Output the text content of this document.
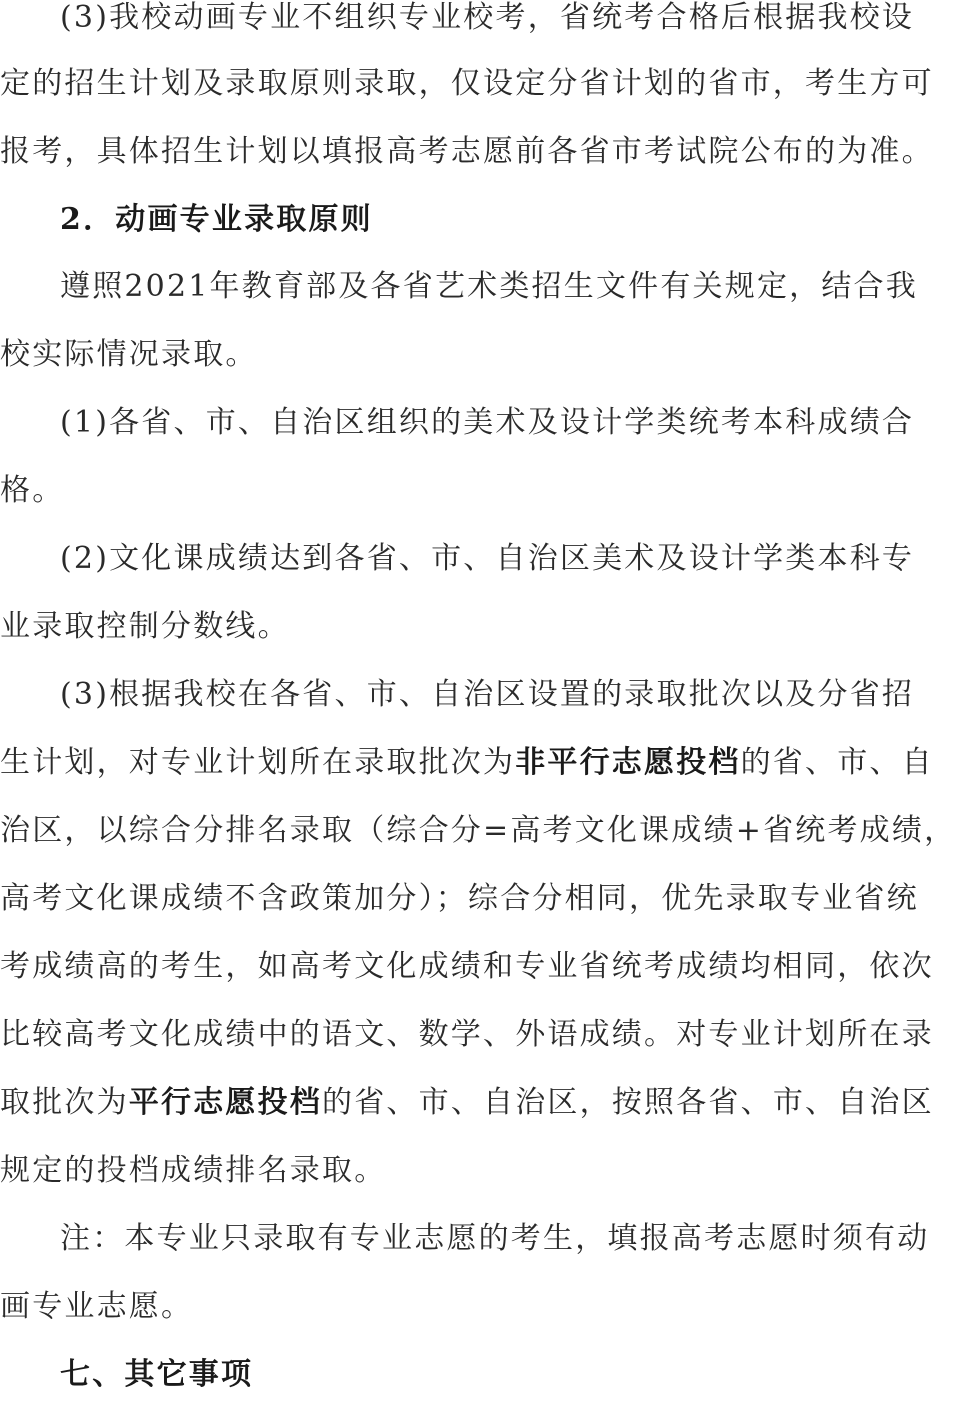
(3)我校动画专业不组织专业校考，省统考合格后根据我校设
定的招生计划及录取原则录取，仅设定分省计划的省市，考生方可
报考，具体招生计划以填报高考志愿前各省市考试院公布的为准。
2．动画专业录取原则
遵照2021年教育部及各省艺术类招生文件有关规定，结合我
校实际情况录取。
(1)各省、市、自治区组织的美术及设计学类统考本科成绩合
格。
(2)文化课成绩达到各省、市、自治区美术及设计学类本科专
业录取控制分数线。
(3)根据我校在各省、市、自治区设置的录取批次以及分省招
生计划，对专业计划所在录取批次为非平行志愿投档的省、市、自
治区，以综合分排名录取（综合分=高考文化课成绩+省统考成绩，
高考文化课成绩不含政策加分）；综合分相同，优先录取专业省统
考成绩高的考生，如高考文化成绩和专业省统考成绩均相同，依次
比较高考文化成绩中的语文、数学、外语成绩。对专业计划所在录
取批次为平行志愿投档的省、市、自治区，按照各省、市、自治区
规定的投档成绩排名录取。
注：本专业只录取有专业志愿的考生，填报高考志愿时须有动
画专业志愿。
七、其它事项
